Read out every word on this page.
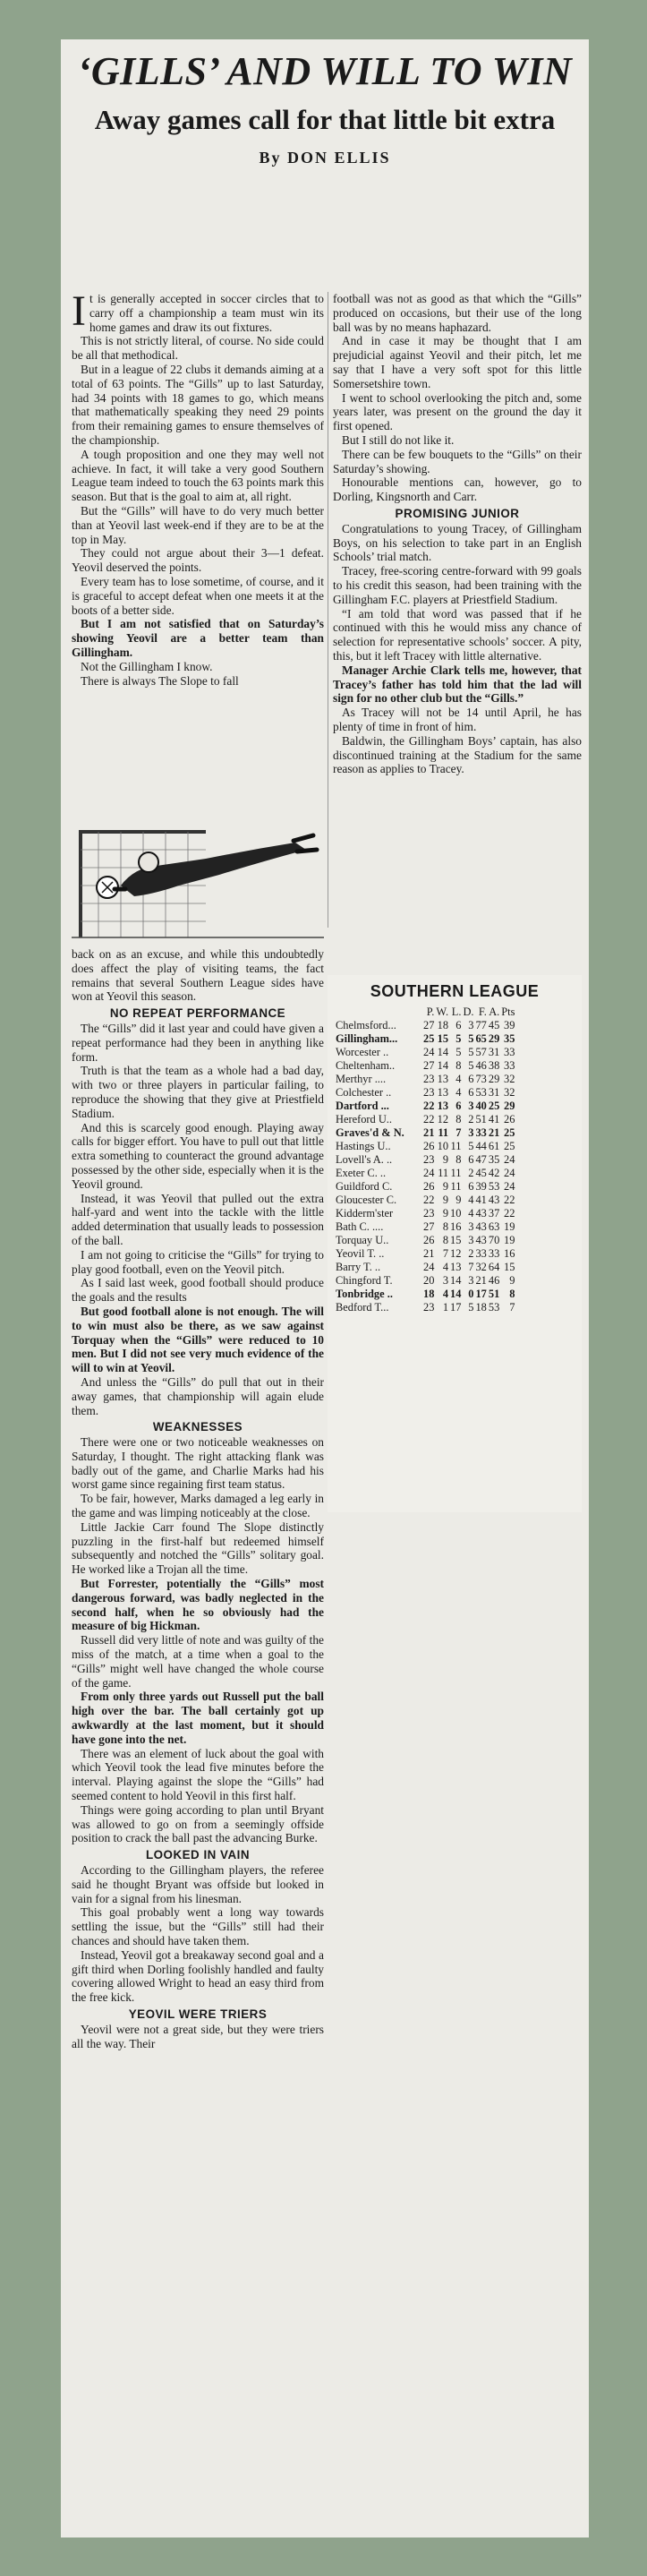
‘GILLS’ AND WILL TO WIN
Away games call for that little bit extra
By DON ELLIS

It is generally accepted in soccer circles that to carry off a championship a team must win its home games and draw its out fixtures.

This is not strictly literal, of course. No side could be all that methodical.

But in a league of 22 clubs it demands aiming at a total of 63 points. The “Gills” up to last Saturday, had 34 points with 18 games to go, which means that mathematically speaking they need 29 points from their remaining games to ensure themselves of the championship.

A tough proposition and one they may well not achieve. In fact, it will take a very good Southern League team indeed to touch the 63 points mark this season. But that is the goal to aim at, all right.

But the “Gills” will have to do very much better than at Yeovil last week-end if they are to be at the top in May.

They could not argue about their 3—1 defeat. Yeovil deserved the points.

Every team has to lose sometime, of course, and it is graceful to accept defeat when one meets it at the boots of a better side.

But I am not satisfied that on Saturday’s showing Yeovil are a better team than Gillingham.

Not the Gillingham I know.

There is always The Slope to fall

football was not as good as that which the “Gills” produced on occasions, but their use of the long ball was by no means haphazard.

And in case it may be thought that I am prejudicial against Yeovil and their pitch, let me say that I have a very soft spot for this little Somersetshire town.

I went to school overlooking the pitch and, some years later, was present on the ground the day it first opened.

But I still do not like it.

There can be few bouquets to the “Gills” on their Saturday’s showing.

Honourable mentions can, however, go to Dorling, Kingsnorth and Carr.

PROMISING JUNIOR

Congratulations to young Tracey, of Gillingham Boys, on his selection to take part in an English Schools’ trial match.

Tracey, free-scoring centre-forward with 99 goals to his credit this season, had been training with the Gillingham F.C. players at Priestfield Stadium.

“I am told that word was passed that if he continued with this he would miss any chance of selection for representative schools’ soccer. A pity, this, but it left Tracey with little alternative.

Manager Archie Clark tells me, however, that Tracey’s father has told him that the lad will sign for no other club but the “Gills.”

As Tracey will not be 14 until April, he has plenty of time in front of him.

Baldwin, the Gillingham Boys’ captain, has also discontinued training at the Stadium for the same reason as applies to Tracey.

back on as an excuse, and while this undoubtedly does affect the play of visiting teams, the fact remains that several Southern League sides have won at Yeovil this season.

NO REPEAT PERFORMANCE

The “Gills” did it last year and could have given a repeat performance had they been in anything like form.

Truth is that the team as a whole had a bad day, with two or three players in particular failing, to reproduce the showing that they give at Priestfield Stadium.

And this is scarcely good enough. Playing away calls for bigger effort. You have to pull out that little extra something to counteract the ground advantage possessed by the other side, especially when it is the Yeovil ground.

Instead, it was Yeovil that pulled out the extra half-yard and went into the tackle with the little added determination that usually leads to possession of the ball.

I am not going to criticise the “Gills” for trying to play good football, even on the Yeovil pitch.

As I said last week, good football should produce the goals and the results

But good football alone is not enough. The will to win must also be there, as we saw against Torquay when the “Gills” were reduced to 10 men. But I did not see very much evidence of the will to win at Yeovil.

And unless the “Gills” do pull that out in their away games, that championship will again elude them.

WEAKNESSES

There were one or two noticeable weaknesses on Saturday, I thought. The right attacking flank was badly out of the game, and Charlie Marks had his worst game since regaining first team status.

To be fair, however, Marks damaged a leg early in the game and was limping noticeably at the close.

Little Jackie Carr found The Slope distinctly puzzling in the first-half but redeemed himself subsequently and notched the “Gills” solitary goal. He worked like a Trojan all the time.

But Forrester, potentially the “Gills” most dangerous forward, was badly neglected in the second half, when he so obviously had the measure of big Hickman.

Russell did very little of note and was guilty of the miss of the match, at a time when a goal to the “Gills” might well have changed the whole course of the game.

From only three yards out Russell put the ball high over the bar. The ball certainly got up awkwardly at the last moment, but it should have gone into the net.

There was an element of luck about the goal with which Yeovil took the lead five minutes before the interval. Playing against the slope the “Gills” had seemed content to hold Yeovil in this first half.

Things were going according to plan until Bryant was allowed to go on from a seemingly offside position to crack the ball past the advancing Burke.

LOOKED IN VAIN

According to the Gillingham players, the referee said he thought Bryant was offside but looked in vain for a signal from his linesman.

This goal probably went a long way towards settling the issue, but the “Gills” still had their chances and should have taken them.

Instead, Yeovil got a breakaway second goal and a gift third when Dorling foolishly handled and faulty covering allowed Wright to head an easy third from the free kick.

YEOVIL WERE TRIERS

Yeovil were not a great side, but they were triers all the way. Their

SOUTHERN LEAGUE
	P.	W.	L.	D.	F.	A.	Pts
Chelmsford...	27	18	6	3	77	45	39
Gillingham...	25	15	5	5	65	29	35
Worcester ..	24	14	5	5	57	31	33
Cheltenham..	27	14	8	5	46	38	33
Merthyr ....	23	13	4	6	73	29	32
Colchester ..	23	13	4	6	53	31	32
Dartford ...	22	13	6	3	40	25	29
Hereford U..	22	12	8	2	51	41	26
Graves'd & N.	21	11	7	3	33	21	25
Hastings U..	26	10	11	5	44	61	25
Lovell's A. ..	23	9	8	6	47	35	24
Exeter C. ..	24	11	11	2	45	42	24
Guildford C.	26	9	11	6	39	53	24
Gloucester C.	22	9	9	4	41	43	22
Kidderm'ster	23	9	10	4	43	37	22
Bath C. ....	27	8	16	3	43	63	19
Torquay U..	26	8	15	3	43	70	19
Yeovil T. ..	21	7	12	2	33	33	16
Barry T. ..	24	4	13	7	32	64	15
Chingford T.	20	3	14	3	21	46	9
Tonbridge ..	18	4	14	0	17	51	8
Bedford T...	23	1	17	5	18	53	7
